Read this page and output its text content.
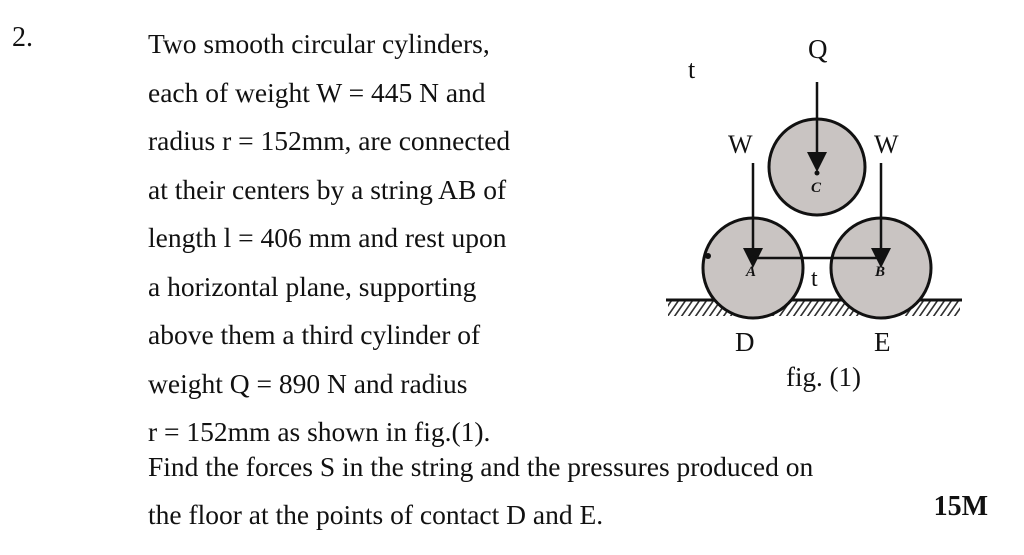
2.	Two smooth circular cylinders,
each of weight W = 445 N and
radius r = 152mm, are connected
at their centers by a string AB of
length l = 406 mm and rest upon
a horizontal plane, supporting
above them a third cylinder of
weight Q = 890 N and radius
r = 152mm as shown in fig.(1).
Find the forces S in the string and the pressures produced on
the floor at the points of contact D and E.	15M
t
Q
W	W
C
A	B
t
D	E
fig. (1)
